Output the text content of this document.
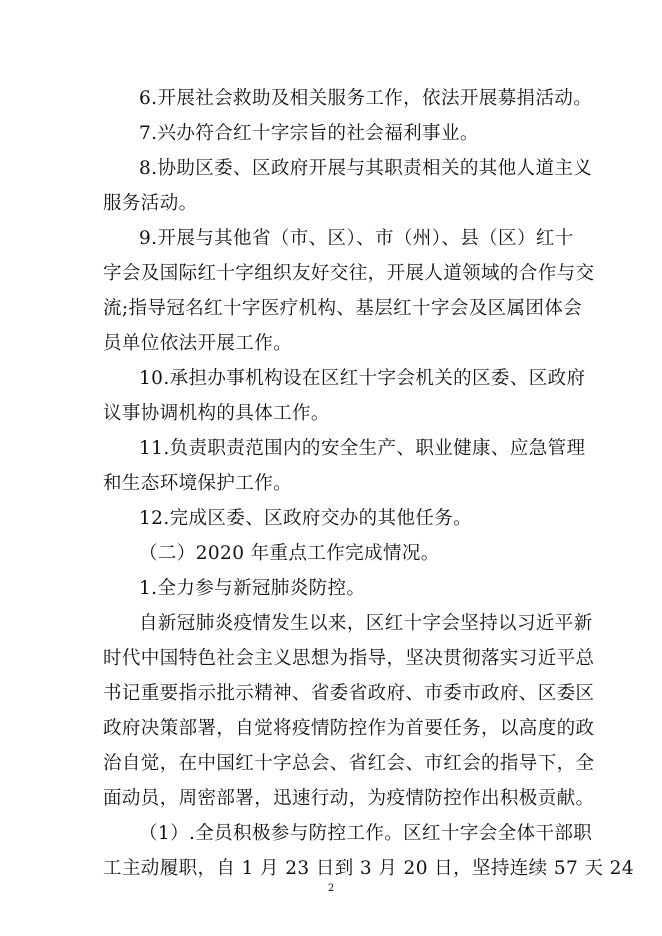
6.开展社会救助及相关服务工作，依法开展募捐活动。
7.兴办符合红十字宗旨的社会福利事业。
8.协助区委、区政府开展与其职责相关的其他人道主义
服务活动。
9.开展与其他省（市、区）、市（州）、县（区）红十
字会及国际红十字组织友好交往，开展人道领域的合作与交
流;指导冠名红十字医疗机构、基层红十字会及区属团体会
员单位依法开展工作。
10.承担办事机构设在区红十字会机关的区委、区政府
议事协调机构的具体工作。
11.负责职责范围内的安全生产、职业健康、应急管理
和生态环境保护工作。
12.完成区委、区政府交办的其他任务。
（二）2020 年重点工作完成情况。
1.全力参与新冠肺炎防控。
自新冠肺炎疫情发生以来，区红十字会坚持以习近平新
时代中国特色社会主义思想为指导，坚决贯彻落实习近平总
书记重要指示批示精神、省委省政府、市委市政府、区委区
政府决策部署，自觉将疫情防控作为首要任务，以高度的政
治自觉，在中国红十字总会、省红会、市红会的指导下，全
面动员，周密部署，迅速行动，为疫情防控作出积极贡献。
（1）.全员积极参与防控工作。区红十字会全体干部职
工主动履职，自 1 月 23 日到 3 月 20 日，坚持连续 57 天 24
2
